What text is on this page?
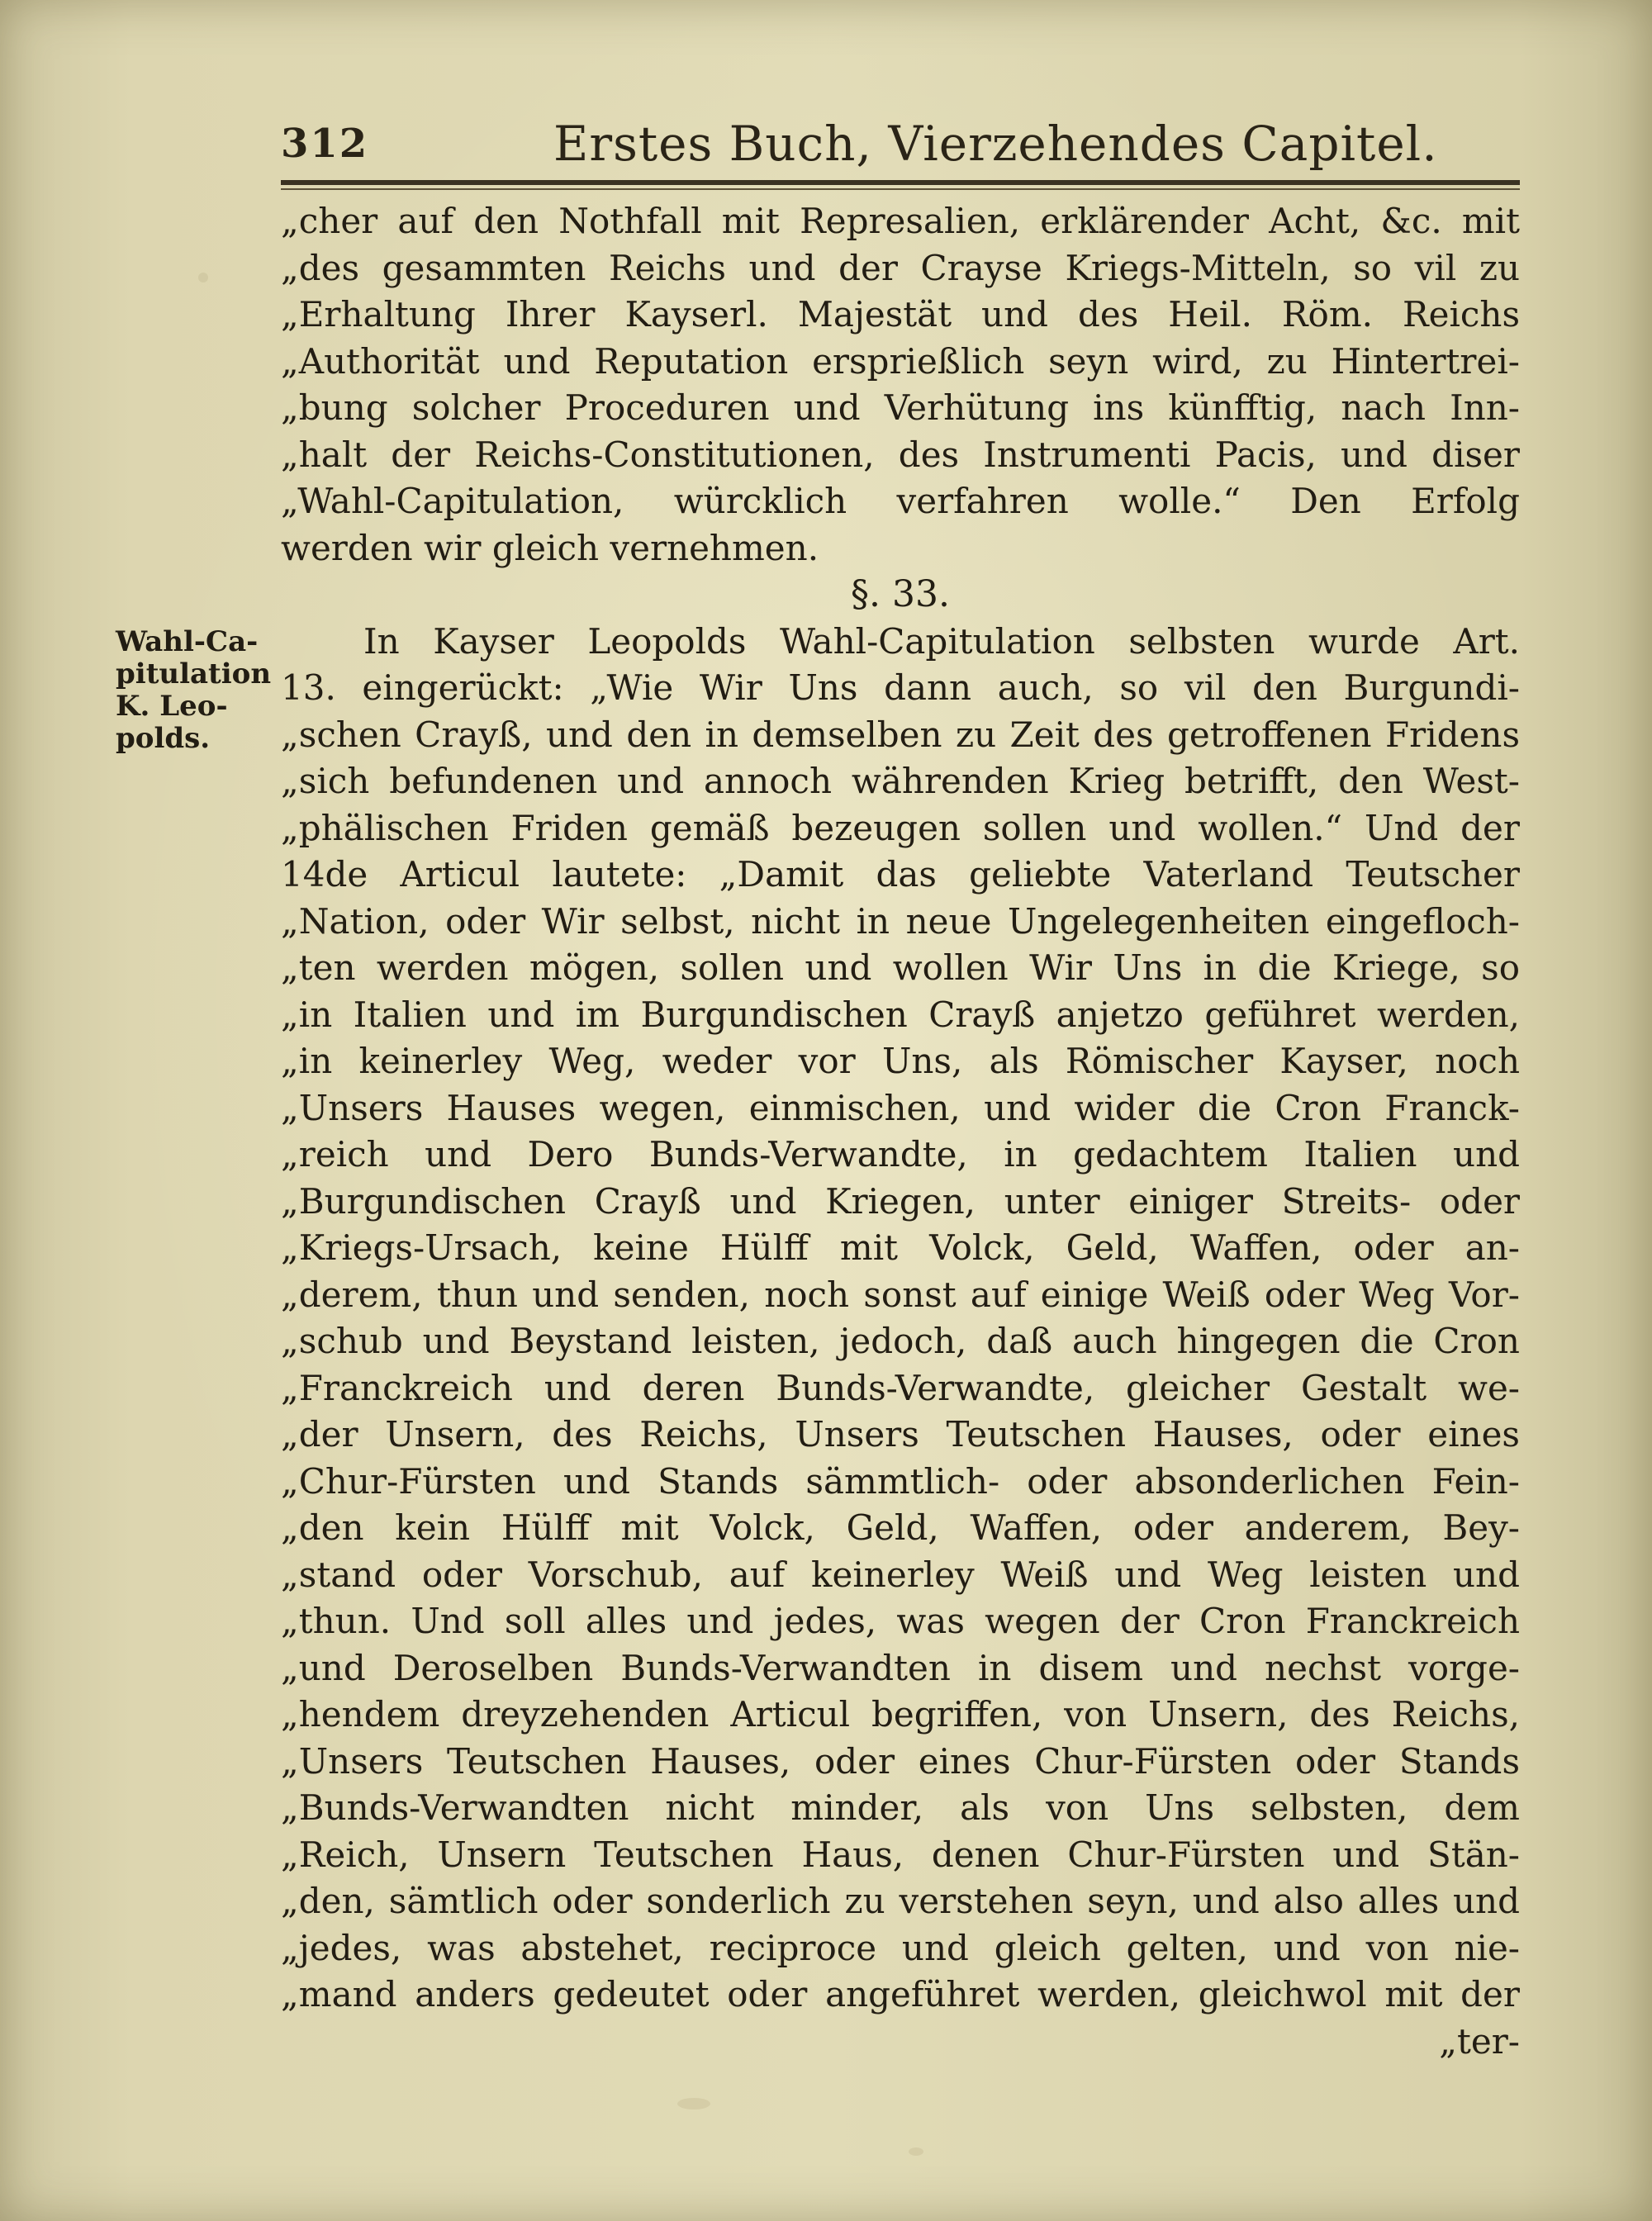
312	Erstes Buch, Vierzehendes Capitel.
Wahl-Ca-
pitulation
K. Leo-
polds.
„cher auf den Nothfall mit Represalien, erklärender Acht, &c. mit
„des gesammten Reichs und der Crayse Kriegs-Mitteln, so vil zu
„Erhaltung Ihrer Kayserl. Majestät und des Heil. Röm. Reichs
„Authorität und Reputation ersprießlich seyn wird, zu Hintertrei-
„bung solcher Proceduren und Verhütung ins künfftig, nach Inn-
„halt der Reichs-Constitutionen, des Instrumenti Pacis, und diser
„Wahl-Capitulation, würcklich verfahren wolle.“ Den Erfolg
werden wir gleich vernehmen.
§. 33.
In Kayser Leopolds Wahl-Capitulation selbsten wurde Art.
13. eingerückt: „Wie Wir Uns dann auch, so vil den Burgundi-
„schen Crayß, und den in demselben zu Zeit des getroffenen Fridens
„sich befundenen und annoch währenden Krieg betrifft, den West-
„phälischen Friden gemäß bezeugen sollen und wollen.“ Und der
14de Articul lautete: „Damit das geliebte Vaterland Teutscher
„Nation, oder Wir selbst, nicht in neue Ungelegenheiten eingefloch-
„ten werden mögen, sollen und wollen Wir Uns in die Kriege, so
„in Italien und im Burgundischen Crayß anjetzo geführet werden,
„in keinerley Weg, weder vor Uns, als Römischer Kayser, noch
„Unsers Hauses wegen, einmischen, und wider die Cron Franck-
„reich und Dero Bunds-Verwandte, in gedachtem Italien und
„Burgundischen Crayß und Kriegen, unter einiger Streits- oder
„Kriegs-Ursach, keine Hülff mit Volck, Geld, Waffen, oder an-
„derem, thun und senden, noch sonst auf einige Weiß oder Weg Vor-
„schub und Beystand leisten, jedoch, daß auch hingegen die Cron
„Franckreich und deren Bunds-Verwandte, gleicher Gestalt we-
„der Unsern, des Reichs, Unsers Teutschen Hauses, oder eines
„Chur-Fürsten und Stands sämmtlich- oder absonderlichen Fein-
„den kein Hülff mit Volck, Geld, Waffen, oder anderem, Bey-
„stand oder Vorschub, auf keinerley Weiß und Weg leisten und
„thun. Und soll alles und jedes, was wegen der Cron Franckreich
„und Deroselben Bunds-Verwandten in disem und nechst vorge-
„hendem dreyzehenden Articul begriffen, von Unsern, des Reichs,
„Unsers Teutschen Hauses, oder eines Chur-Fürsten oder Stands
„Bunds-Verwandten nicht minder, als von Uns selbsten, dem
„Reich, Unsern Teutschen Haus, denen Chur-Fürsten und Stän-
„den, sämtlich oder sonderlich zu verstehen seyn, und also alles und
„jedes, was abstehet, reciproce und gleich gelten, und von nie-
„mand anders gedeutet oder angeführet werden, gleichwol mit der
„ter-
